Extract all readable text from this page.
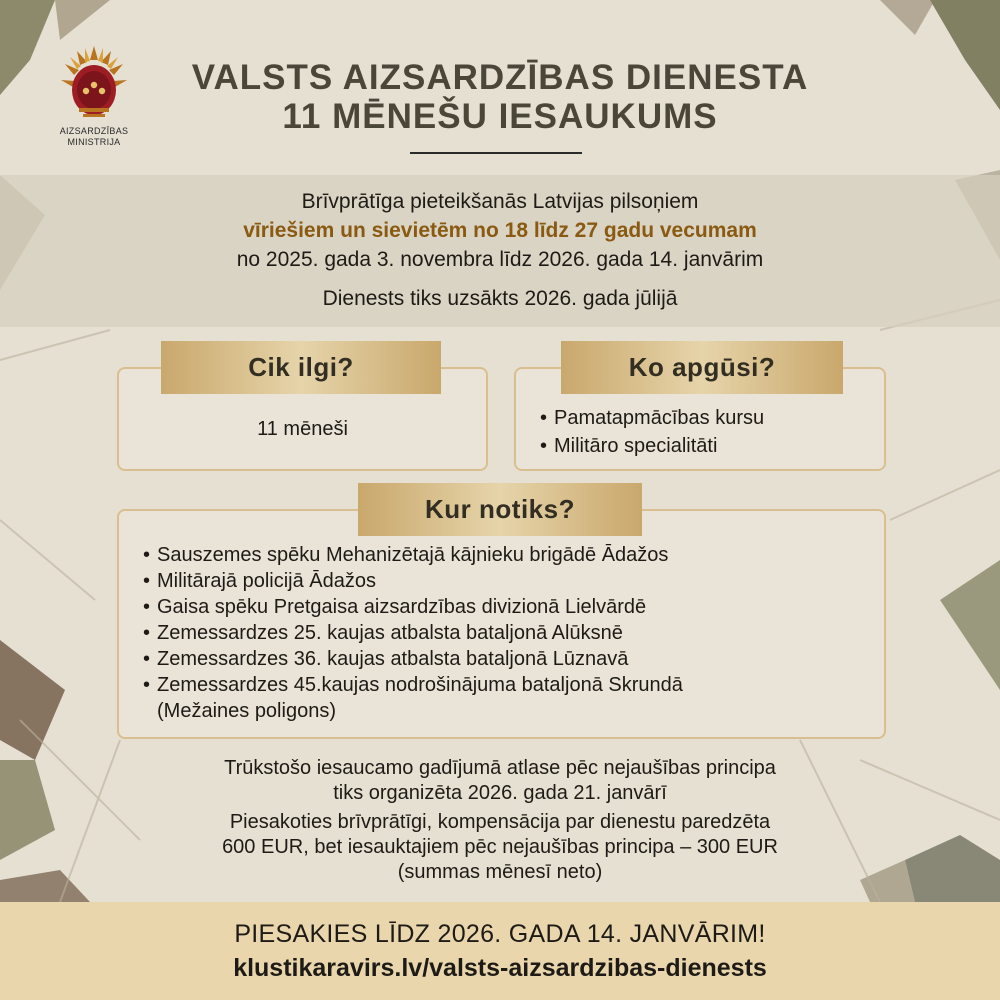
AIZSARDZĪBAS
MINISTRIJA
VALSTS AIZSARDZĪBAS DIENESTA
11 MĒNEŠU IESAUKUMS
Brīvprātīga pieteikšanās Latvijas pilsoņiem
vīriešiem un sievietēm no 18 līdz 27 gadu vecumam
no 2025. gada 3. novembra līdz 2026. gada 14. janvārim
Dienests tiks uzsākts 2026. gada jūlijā
Cik ilgi?
11 mēneši
Ko apgūsi?
• Pamatapmācības kursu
• Militāro specialitāti
Kur notiks?
• Sauszemes spēku Mehanizētajā kājnieku brigādē Ādažos
• Militārajā policijā Ādažos
• Gaisa spēku Pretgaisa aizsardzības divizionā Lielvārdē
• Zemessardzes 25. kaujas atbalsta bataljonā Alūksnē
• Zemessardzes 36. kaujas atbalsta bataljonā Lūznavā
• Zemessardzes 45.kaujas nodrošinājuma bataljonā Skrundā
(Mežaines poligons)
Trūkstošo iesaucamo gadījumā atlase pēc nejaušības principa
tiks organizēta 2026. gada 21. janvārī
Piesakoties brīvprātīgi, kompensācija par dienestu paredzēta
600 EUR, bet iesauktajiem pēc nejaušības principa – 300 EUR
(summas mēnesī neto)
PIESAKIES LĪDZ 2026. GADA 14. JANVĀRIM!
klustikaravirs.lv/valsts-aizsardzibas-dienests
